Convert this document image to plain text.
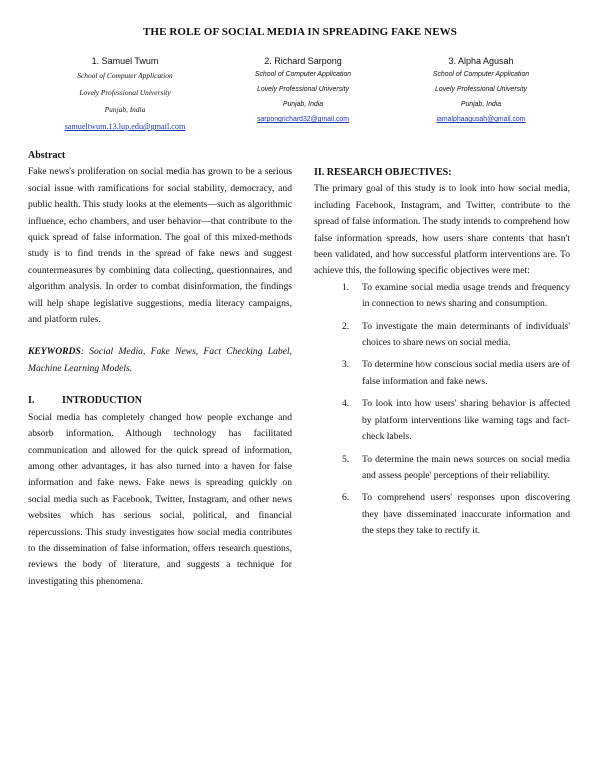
THE ROLE OF SOCIAL MEDIA IN SPREADING FAKE NEWS
1. Samuel Twum
School of Computer Application
Lovely Professional University
Punjab, India
samueltwum.13.lup.edu@gmail.com
2. Richard Sarpong
School of Computer Application
Lovely Professional University
Punjab, India
sarpongrichard32@gmail.com
3. Alpha Agusah
School of Computer Application
Lovely Professional University
Punjab, India
iamalphaagusah@gmail.com
Abstract

Fake news's proliferation on social media has grown to be a serious social issue with ramifications for social stability, democracy, and public health. This study looks at the elements—such as algorithmic influence, echo chambers, and user behavior—that contribute to the quick spread of false information. The goal of this mixed-methods study is to find trends in the spread of fake news and suggest countermeasures by combining data collecting, questionnaires, and algorithm analysis. In order to combat disinformation, the findings will help shape legislative suggestions, media literacy campaigns, and platform rules.

KEYWORDS: Social Media, Fake News, Fact Checking Label, Machine Learning Models.

I.	INTRODUCTION

Social media has completely changed how people exchange and absorb information. Although technology has facilitated communication and allowed for the quick spread of information, among other advantages, it has also turned into a haven for false information and fake news. Fake news is spreading quickly on social media such as Facebook, Twitter, Instagram, and other news websites which has serious social, political, and financial repercussions. This study investigates how social media contributes to the dissemination of false information, offers research questions, reviews the body of literature, and suggests a technique for investigating this phenomena.

II. RESEARCH OBJECTIVES:

The primary goal of this study is to look into how social media, including Facebook, Instagram, and Twitter, contribute to the spread of false information. The study intends to comprehend how false information spreads, how users share contents that hasn't been validated, and how successful platform interventions are. To achieve this, the following specific objectives were met:

1. To examine social media usage trends and frequency in connection to news sharing and consumption.
2. To investigate the main determinants of individuals' choices to share news on social media.
3. To determine how conscious social media users are of false information and fake news.
4. To look into how users' sharing behavior is affected by platform interventions like warning tags and fact-check labels.
5. To determine the main news sources on social media and assess people' perceptions of their reliability.
6. To comprehend users' responses upon discovering they have disseminated inaccurate information and the steps they take to rectify it.
